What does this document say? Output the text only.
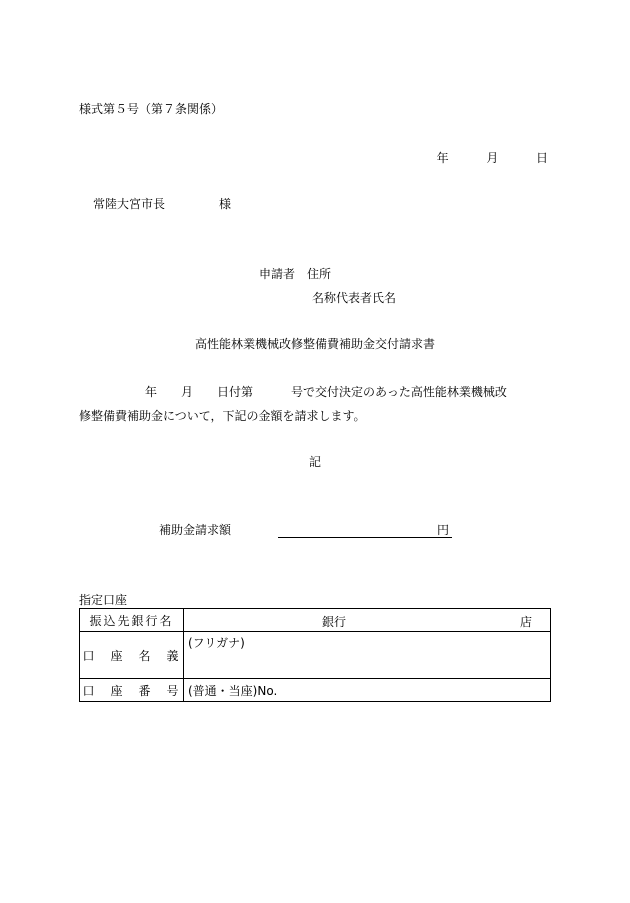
様式第５号（第７条関係）
年	月	日
常陸大宮市長	様
申請者 住所
名称代表者氏名
高性能林業機械改修整備費補助金交付請求書
年 月 日付第	号で交付決定のあった高性能林業機械改
修整備費補助金について，下記の金額を請求します。
記
補助金請求額	円
指定口座
振込先銀行名	銀行 店

口　座　名　義	(フリガナ)

口　座　番　号	(普通・当座)No.
